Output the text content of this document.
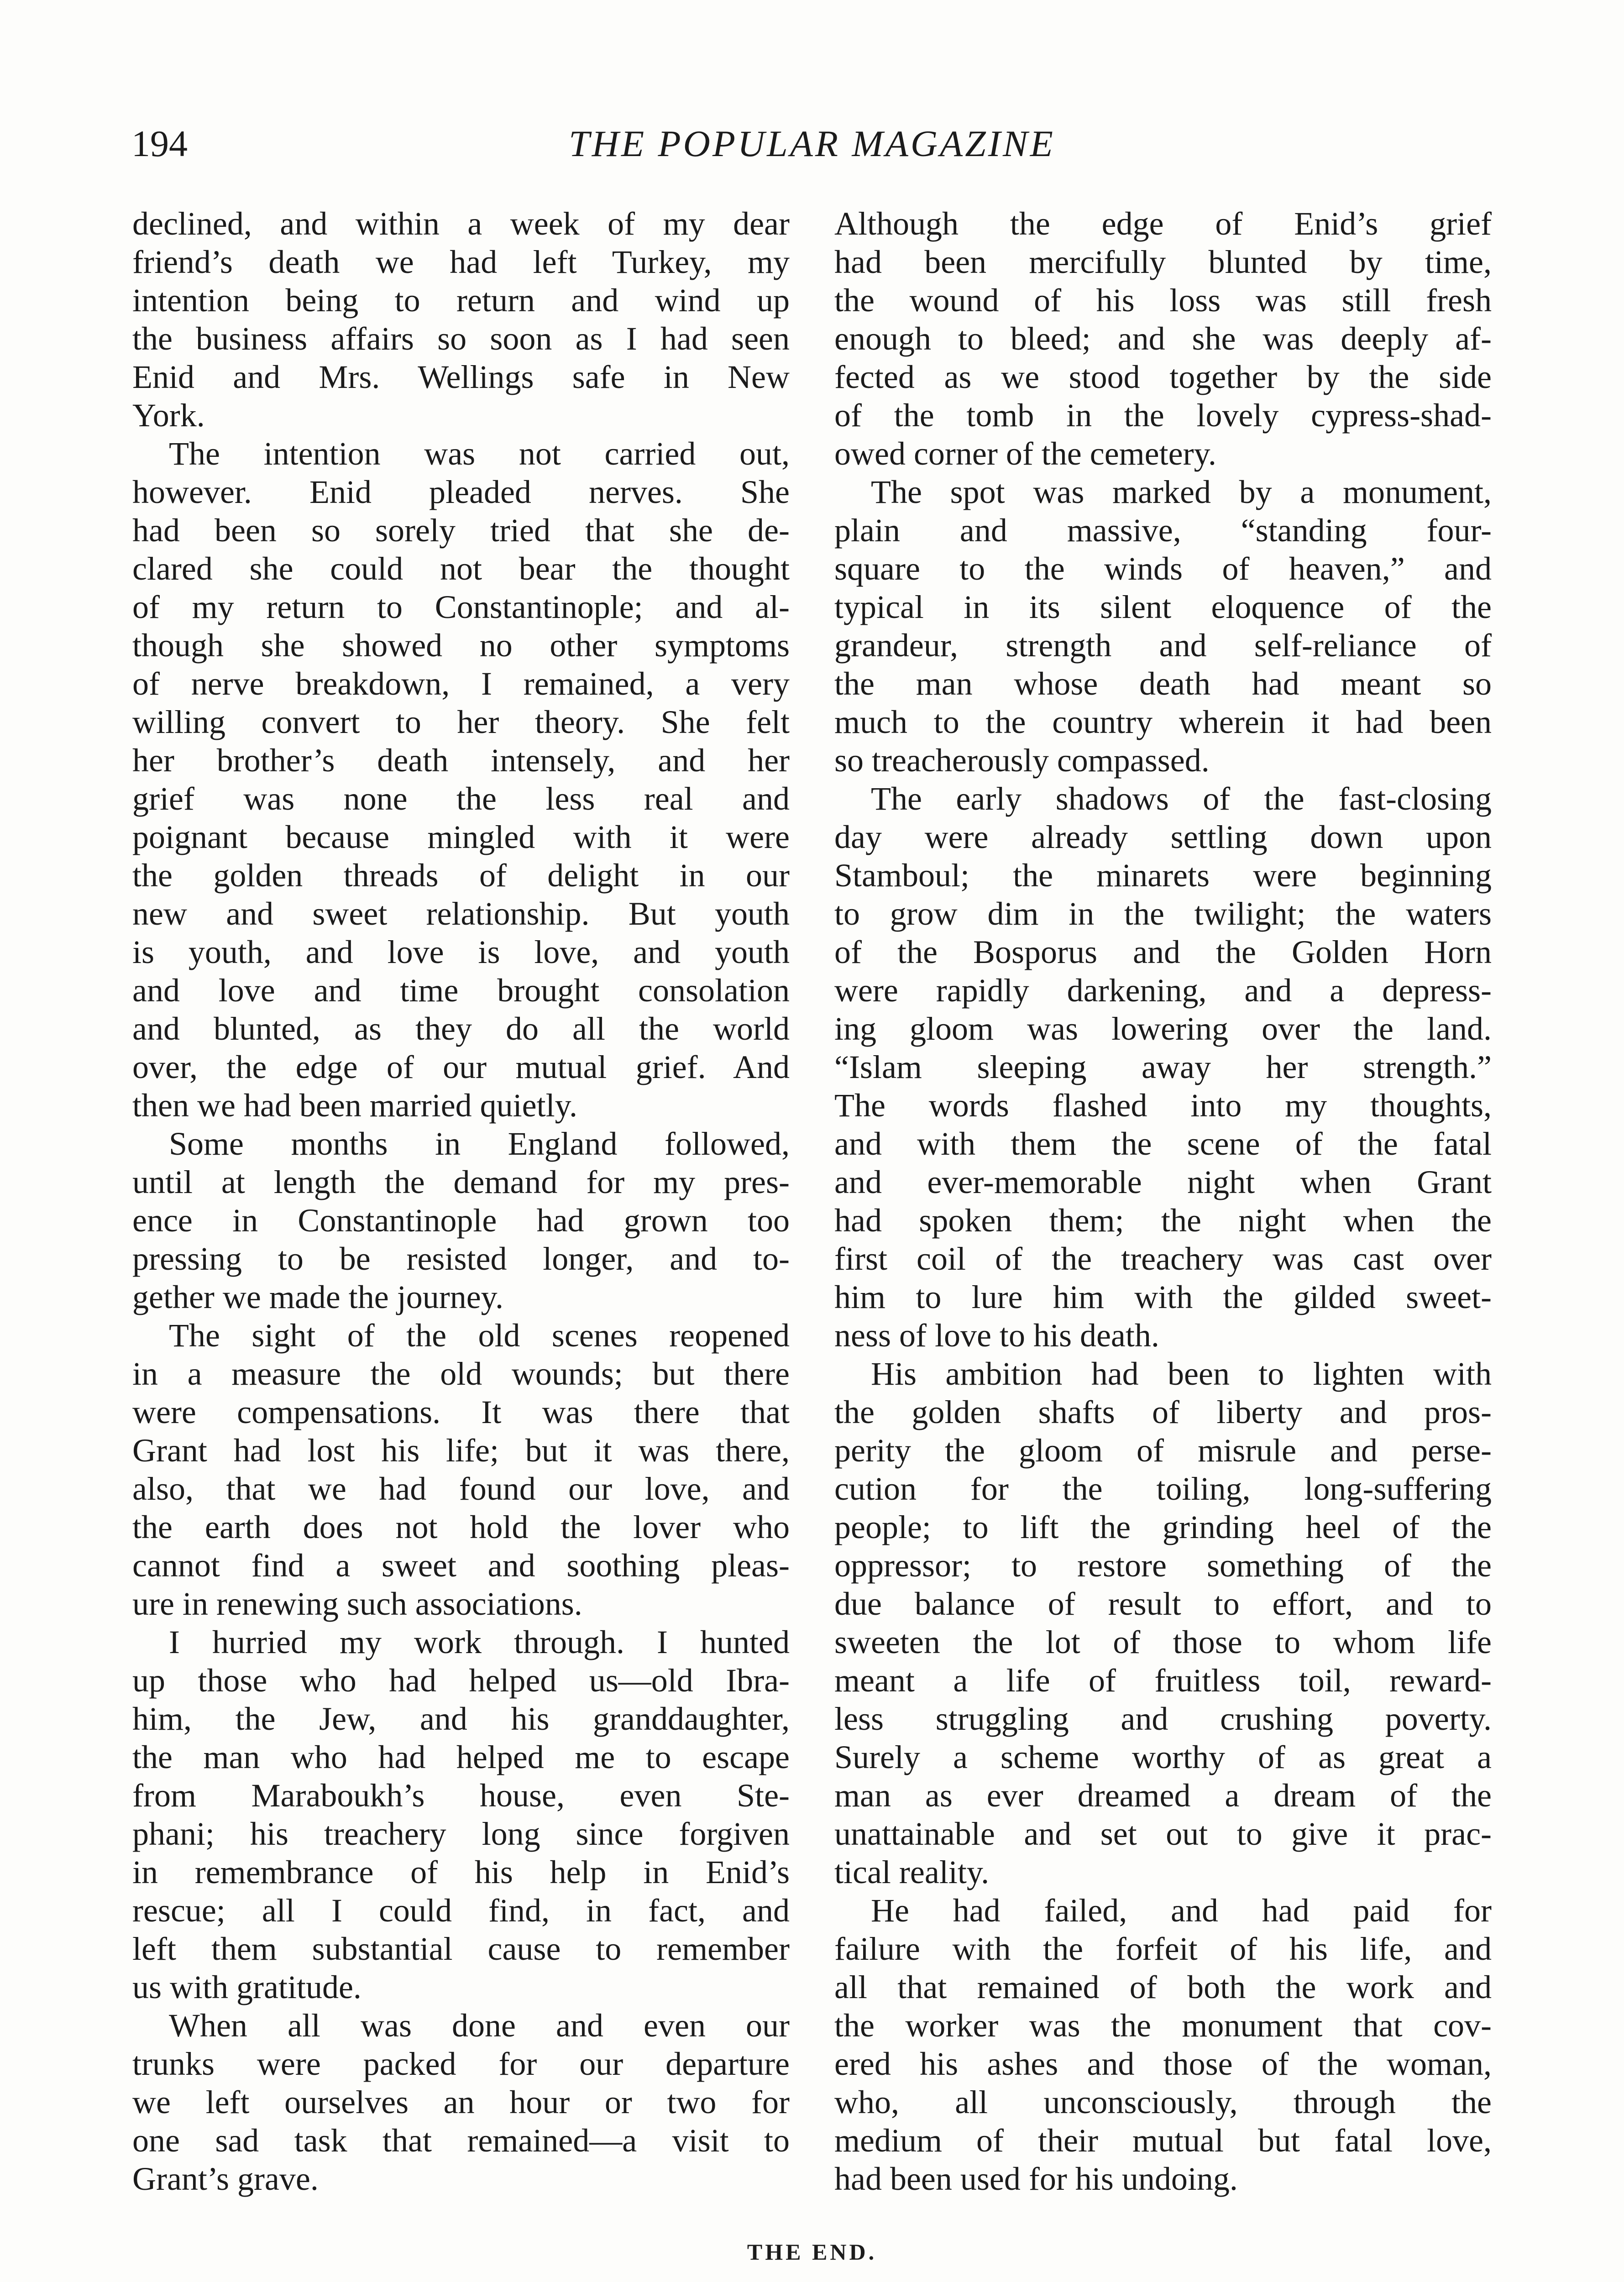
194	THE POPULAR MAGAZINE
declined, and within a week of my dear
friend’s death we had left Turkey, my
intention being to return and wind up
the business affairs so soon as I had seen
Enid and Mrs. Wellings safe in New
York.
The intention was not carried out,
however. Enid pleaded nerves. She
had been so sorely tried that she de-
clared she could not bear the thought
of my return to Constantinople; and al-
though she showed no other symptoms
of nerve breakdown, I remained, a very
willing convert to her theory. She felt
her brother’s death intensely, and her
grief was none the less real and
poignant because mingled with it were
the golden threads of delight in our
new and sweet relationship. But youth
is youth, and love is love, and youth
and love and time brought consolation
and blunted, as they do all the world
over, the edge of our mutual grief. And
then we had been married quietly.
Some months in England followed,
until at length the demand for my pres-
ence in Constantinople had grown too
pressing to be resisted longer, and to-
gether we made the journey.
The sight of the old scenes reopened
in a measure the old wounds; but there
were compensations. It was there that
Grant had lost his life; but it was there,
also, that we had found our love, and
the earth does not hold the lover who
cannot find a sweet and soothing pleas-
ure in renewing such associations.
I hurried my work through. I hunted
up those who had helped us—old Ibra-
him, the Jew, and his granddaughter,
the man who had helped me to escape
from Maraboukh’s house, even Ste-
phani; his treachery long since forgiven
in remembrance of his help in Enid’s
rescue; all I could find, in fact, and
left them substantial cause to remember
us with gratitude.
When all was done and even our
trunks were packed for our departure
we left ourselves an hour or two for
one sad task that remained—a visit to
Grant’s grave.
Although the edge of Enid’s grief
had been mercifully blunted by time,
the wound of his loss was still fresh
enough to bleed; and she was deeply af-
fected as we stood together by the side
of the tomb in the lovely cypress-shad-
owed corner of the cemetery.
The spot was marked by a monument,
plain and massive, “standing four-
square to the winds of heaven,” and
typical in its silent eloquence of the
grandeur, strength and self-reliance of
the man whose death had meant so
much to the country wherein it had been
so treacherously compassed.
The early shadows of the fast-closing
day were already settling down upon
Stamboul; the minarets were beginning
to grow dim in the twilight; the waters
of the Bosporus and the Golden Horn
were rapidly darkening, and a depress-
ing gloom was lowering over the land.
“Islam sleeping away her strength.”
The words flashed into my thoughts,
and with them the scene of the fatal
and ever-memorable night when Grant
had spoken them; the night when the
first coil of the treachery was cast over
him to lure him with the gilded sweet-
ness of love to his death.
His ambition had been to lighten with
the golden shafts of liberty and pros-
perity the gloom of misrule and perse-
cution for the toiling, long-suffering
people; to lift the grinding heel of the
oppressor; to restore something of the
due balance of result to effort, and to
sweeten the lot of those to whom life
meant a life of fruitless toil, reward-
less struggling and crushing poverty.
Surely a scheme worthy of as great a
man as ever dreamed a dream of the
unattainable and set out to give it prac-
tical reality.
He had failed, and had paid for
failure with the forfeit of his life, and
all that remained of both the work and
the worker was the monument that cov-
ered his ashes and those of the woman,
who, all unconsciously, through the
medium of their mutual but fatal love,
had been used for his undoing.
THE END.
